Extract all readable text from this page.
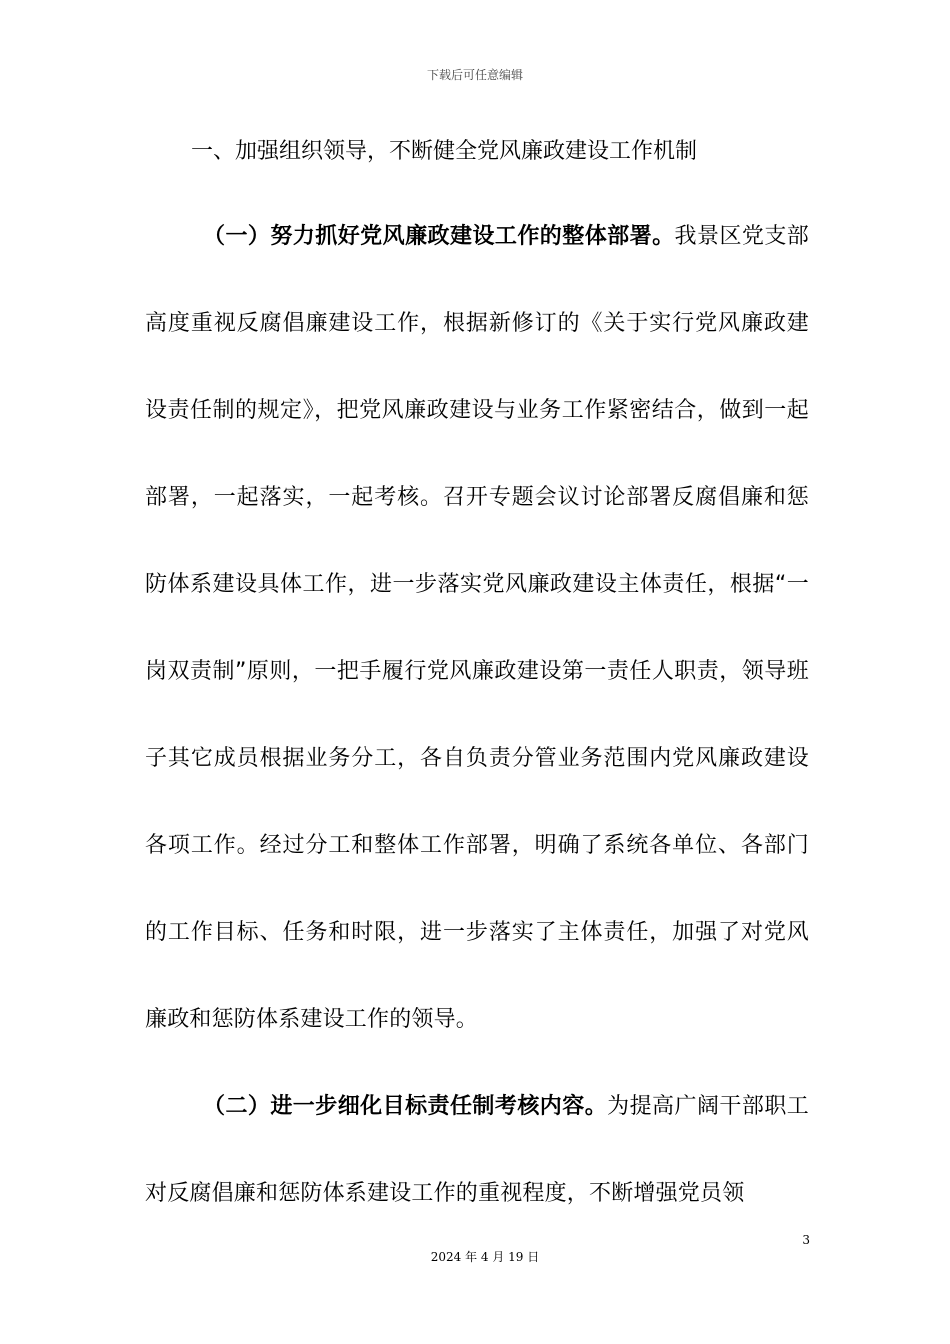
下载后可任意编辑
一、加强组织领导，不断健全党风廉政建设工作机制

（一）努力抓好党风廉政建设工作的整体部署。我景区党支部高度重视反腐倡廉建设工作，根据新修订的《关于实行党风廉政建设责任制的规定》，把党风廉政建设与业务工作紧密结合，做到一起部署，一起落实，一起考核。召开专题会议讨论部署反腐倡廉和惩防体系建设具体工作，进一步落实党风廉政建设主体责任，根据“一岗双责制”原则，一把手履行党风廉政建设第一责任人职责，领导班子其它成员根据业务分工，各自负责分管业务范围内党风廉政建设各项工作。经过分工和整体工作部署，明确了系统各单位、各部门的工作目标、任务和时限，进一步落实了主体责任，加强了对党风廉政和惩防体系建设工作的领导。

（二）进一步细化目标责任制考核内容。为提高广阔干部职工对反腐倡廉和惩防体系建设工作的重视程度，不断增强党员领

3
2024 年 4 月 19 日
